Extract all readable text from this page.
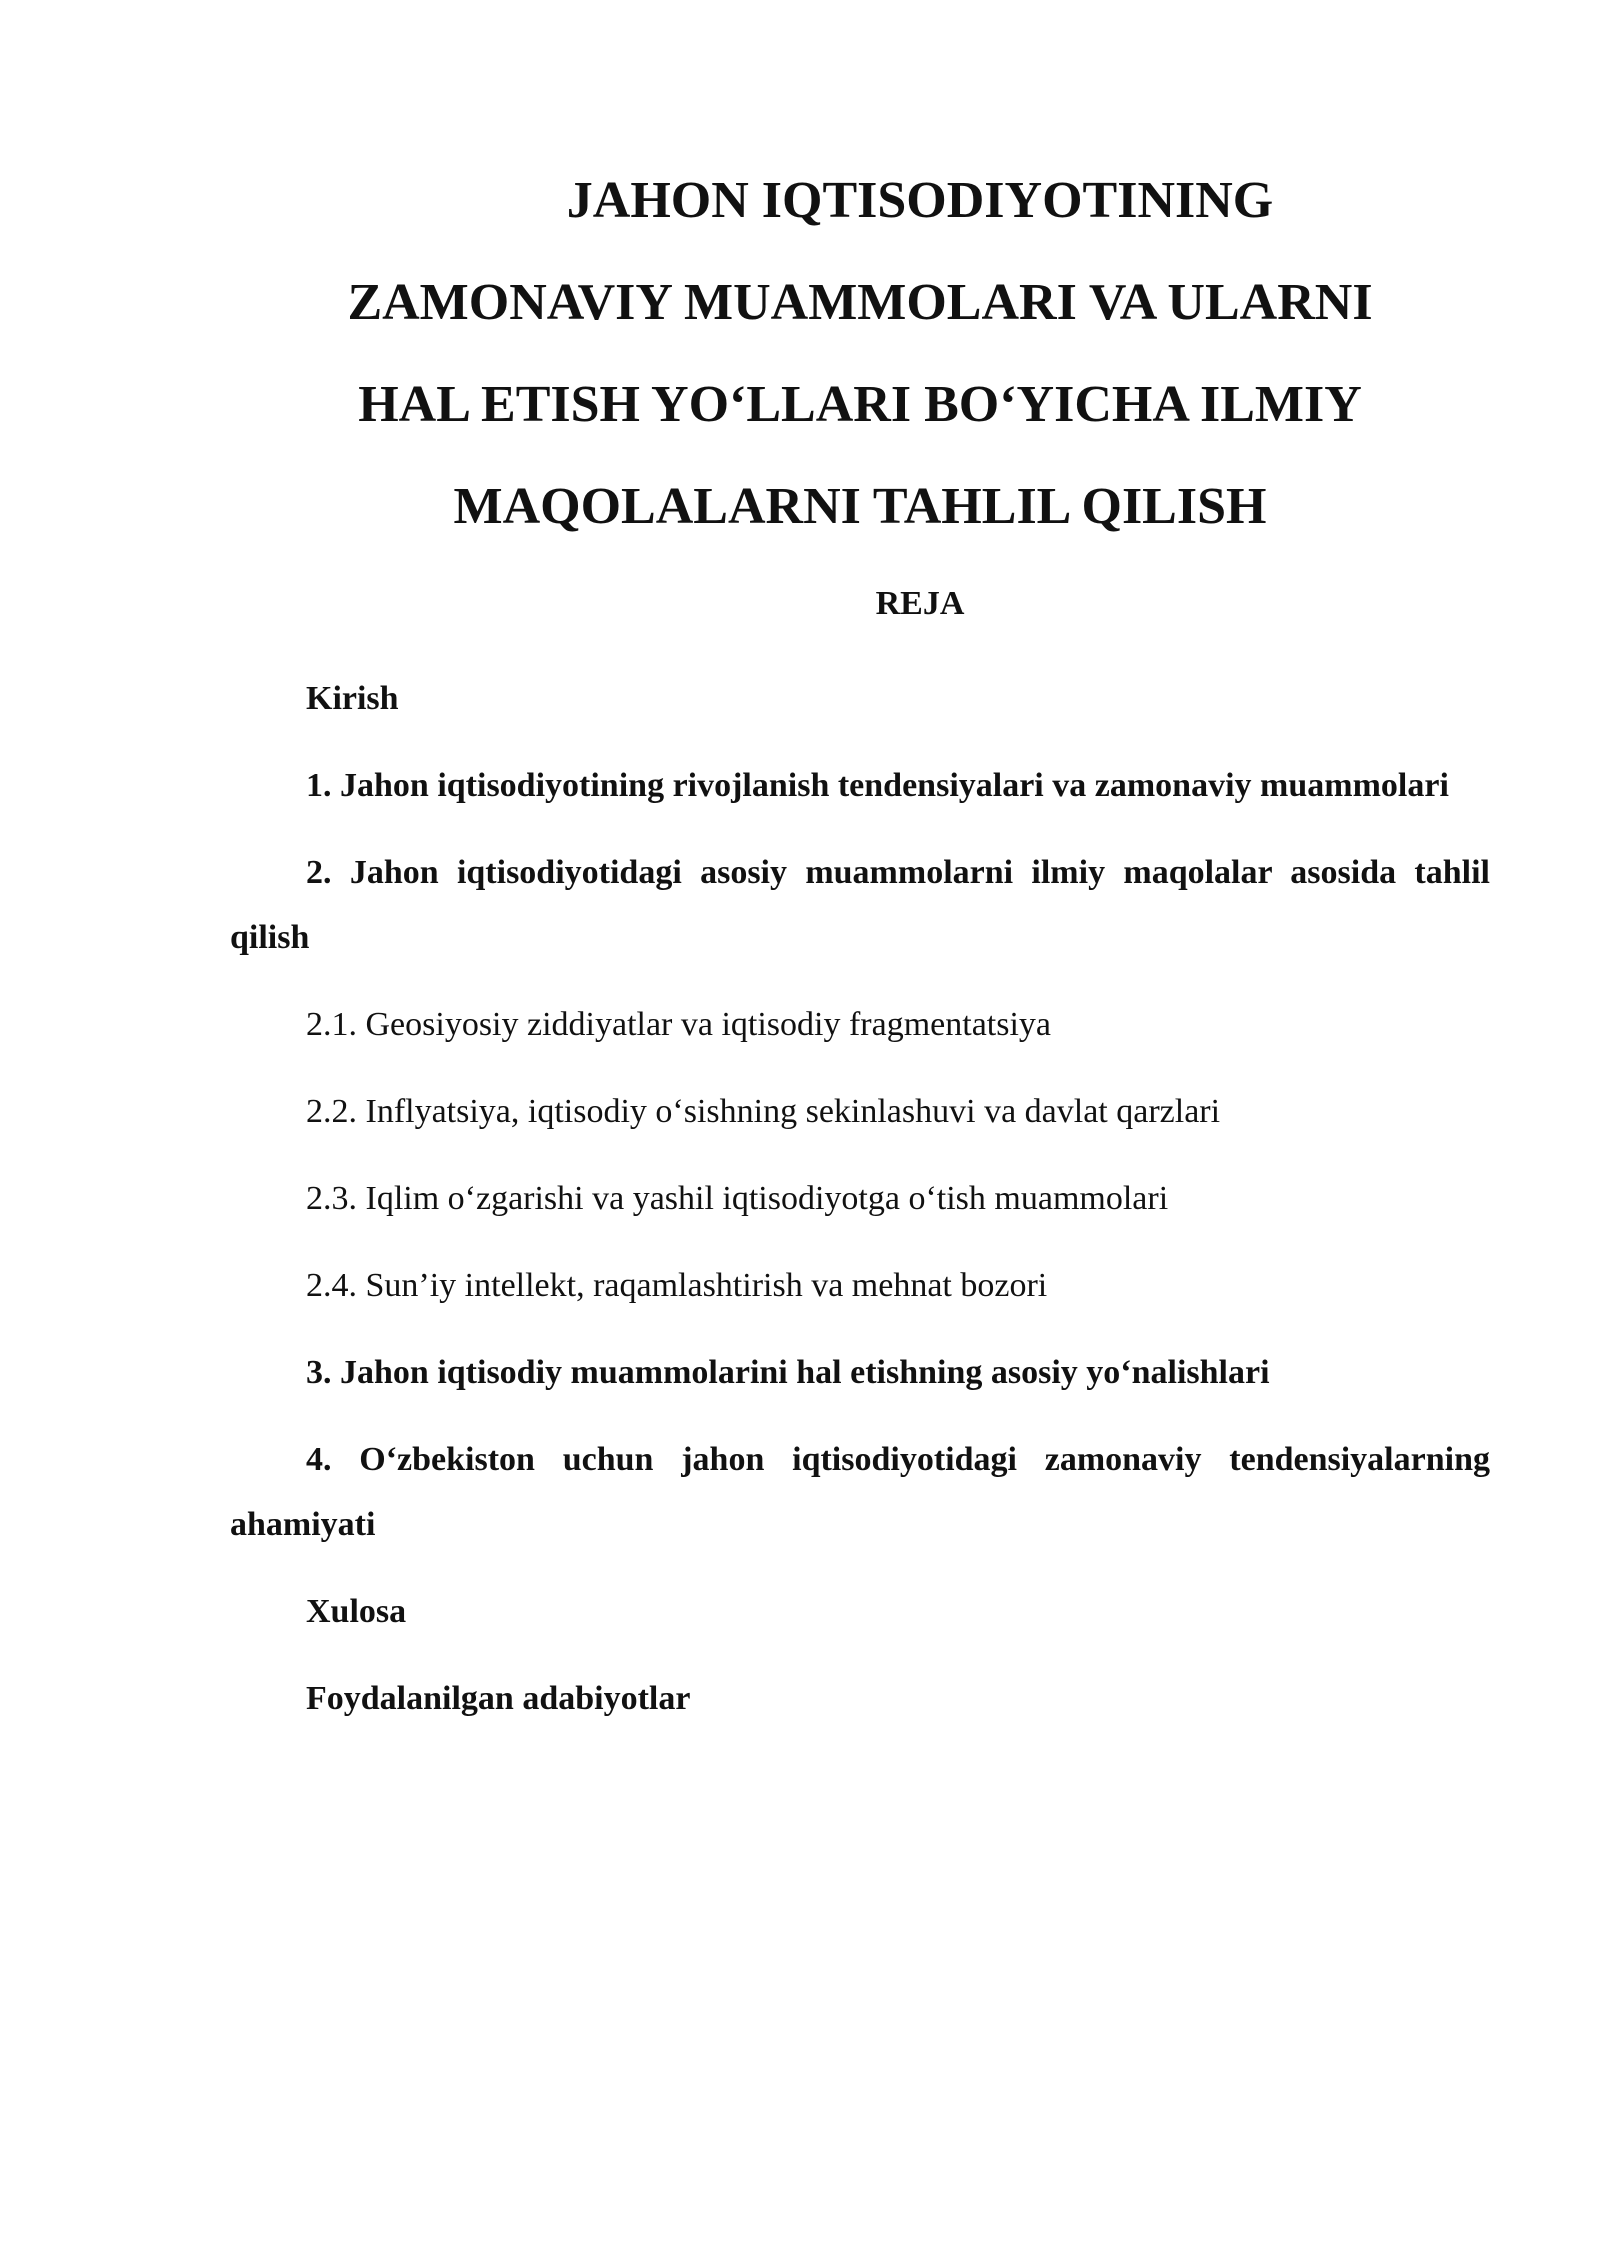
JAHON IQTISODIYOTINING
ZAMONAVIY MUAMMOLARI VA ULARNI
HAL ETISH YO‘LLARI BO‘YICHA ILMIY
MAQOLALARNI TAHLIL QILISH
REJA
Kirish
1. Jahon iqtisodiyotining rivojlanish tendensiyalari va zamonaviy muammolari
2. Jahon iqtisodiyotidagi asosiy muammolarni ilmiy maqolalar asosida tahlil qilish
2.1. Geosiyosiy ziddiyatlar va iqtisodiy fragmentatsiya
2.2. Inflyatsiya, iqtisodiy o‘sishning sekinlashuvi va davlat qarzlari
2.3. Iqlim o‘zgarishi va yashil iqtisodiyotga o‘tish muammolari
2.4. Sun’iy intellekt, raqamlashtirish va mehnat bozori
3. Jahon iqtisodiy muammolarini hal etishning asosiy yo‘nalishlari
4. O‘zbekiston uchun jahon iqtisodiyotidagi zamonaviy tendensiyalarning ahamiyati
Xulosa
Foydalanilgan adabiyotlar
